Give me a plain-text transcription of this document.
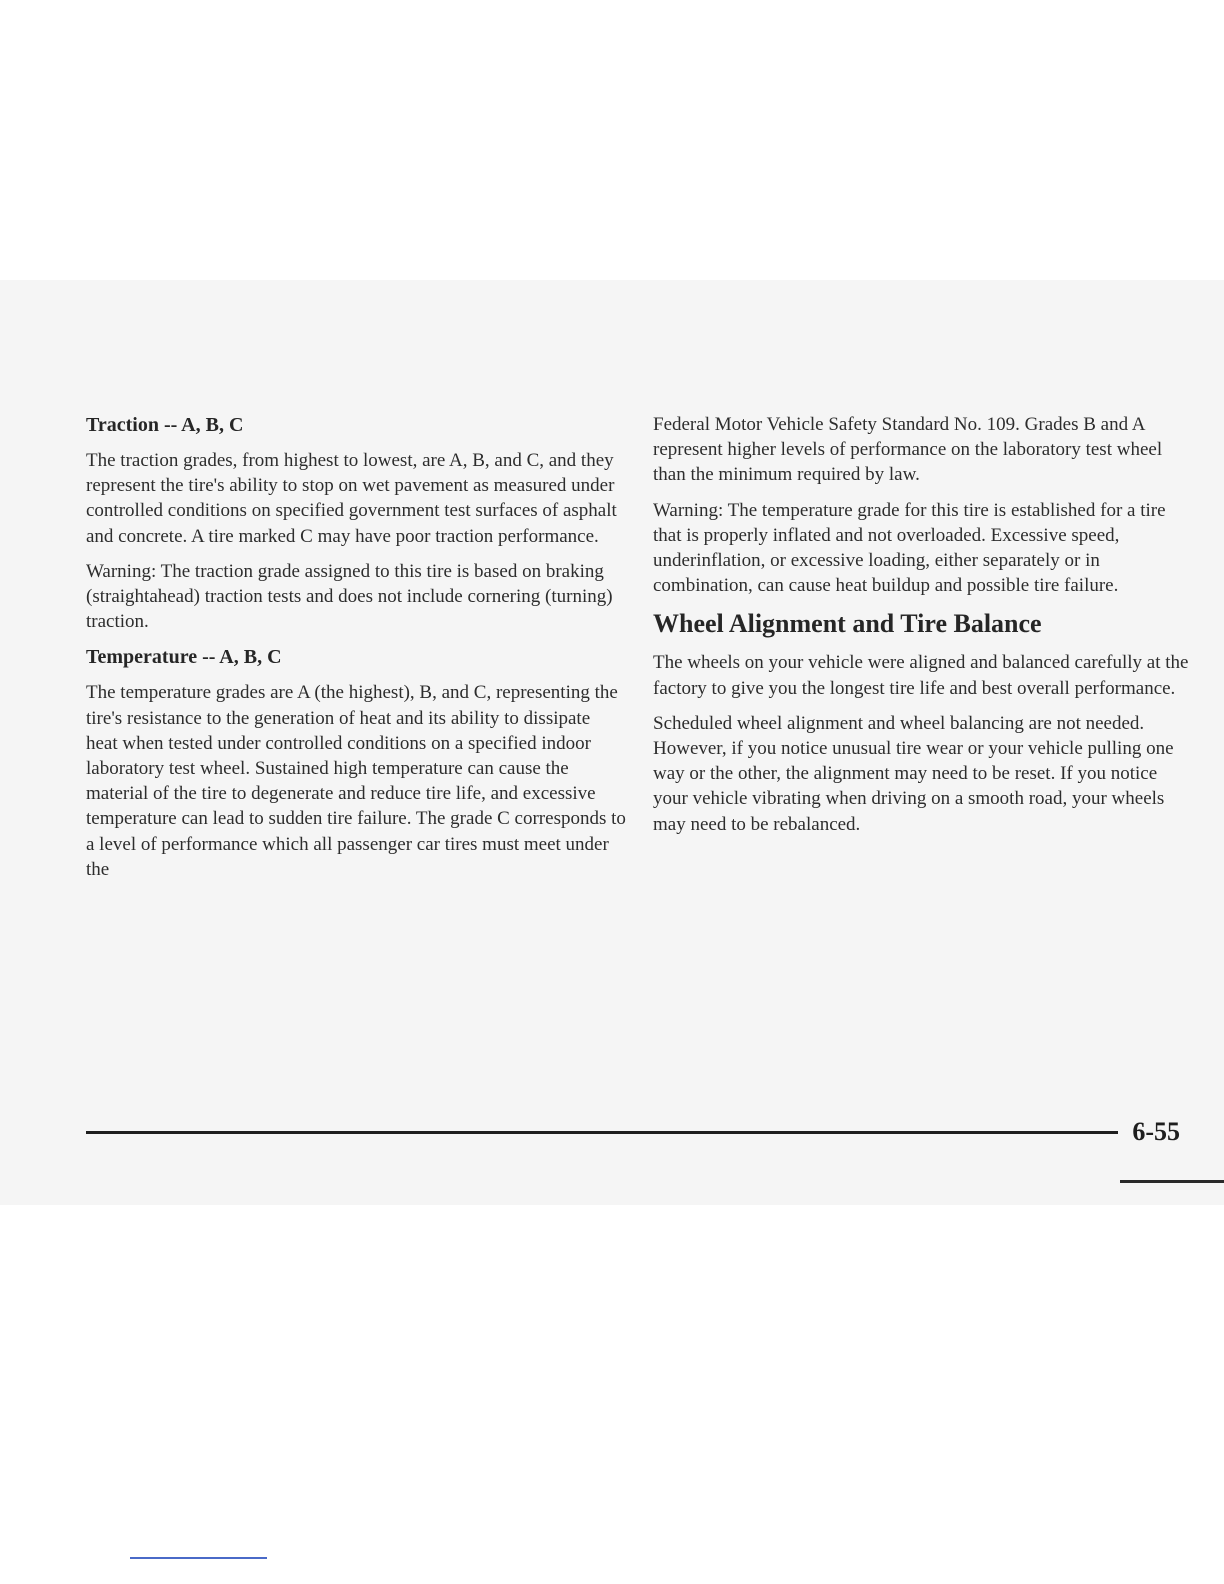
Traction -- A, B, C

The traction grades, from highest to lowest, are A, B, and C, and they represent the tire's ability to stop on wet pavement as measured under controlled conditions on specified government test surfaces of asphalt and concrete. A tire marked C may have poor traction performance.

Warning: The traction grade assigned to this tire is based on braking (straightahead) traction tests and does not include cornering (turning) traction.

Temperature -- A, B, C

The temperature grades are A (the highest), B, and C, representing the tire's resistance to the generation of heat and its ability to dissipate heat when tested under controlled conditions on a specified indoor laboratory test wheel. Sustained high temperature can cause the material of the tire to degenerate and reduce tire life, and excessive temperature can lead to sudden tire failure. The grade C corresponds to a level of performance which all passenger car tires must meet under the

Federal Motor Vehicle Safety Standard No. 109. Grades B and A represent higher levels of performance on the laboratory test wheel than the minimum required by law.

Warning: The temperature grade for this tire is established for a tire that is properly inflated and not overloaded. Excessive speed, underinflation, or excessive loading, either separately or in combination, can cause heat buildup and possible tire failure.

Wheel Alignment and Tire Balance

The wheels on your vehicle were aligned and balanced carefully at the factory to give you the longest tire life and best overall performance.

Scheduled wheel alignment and wheel balancing are not needed. However, if you notice unusual tire wear or your vehicle pulling one way or the other, the alignment may need to be reset. If you notice your vehicle vibrating when driving on a smooth road, your wheels may need to be rebalanced.

6-55
